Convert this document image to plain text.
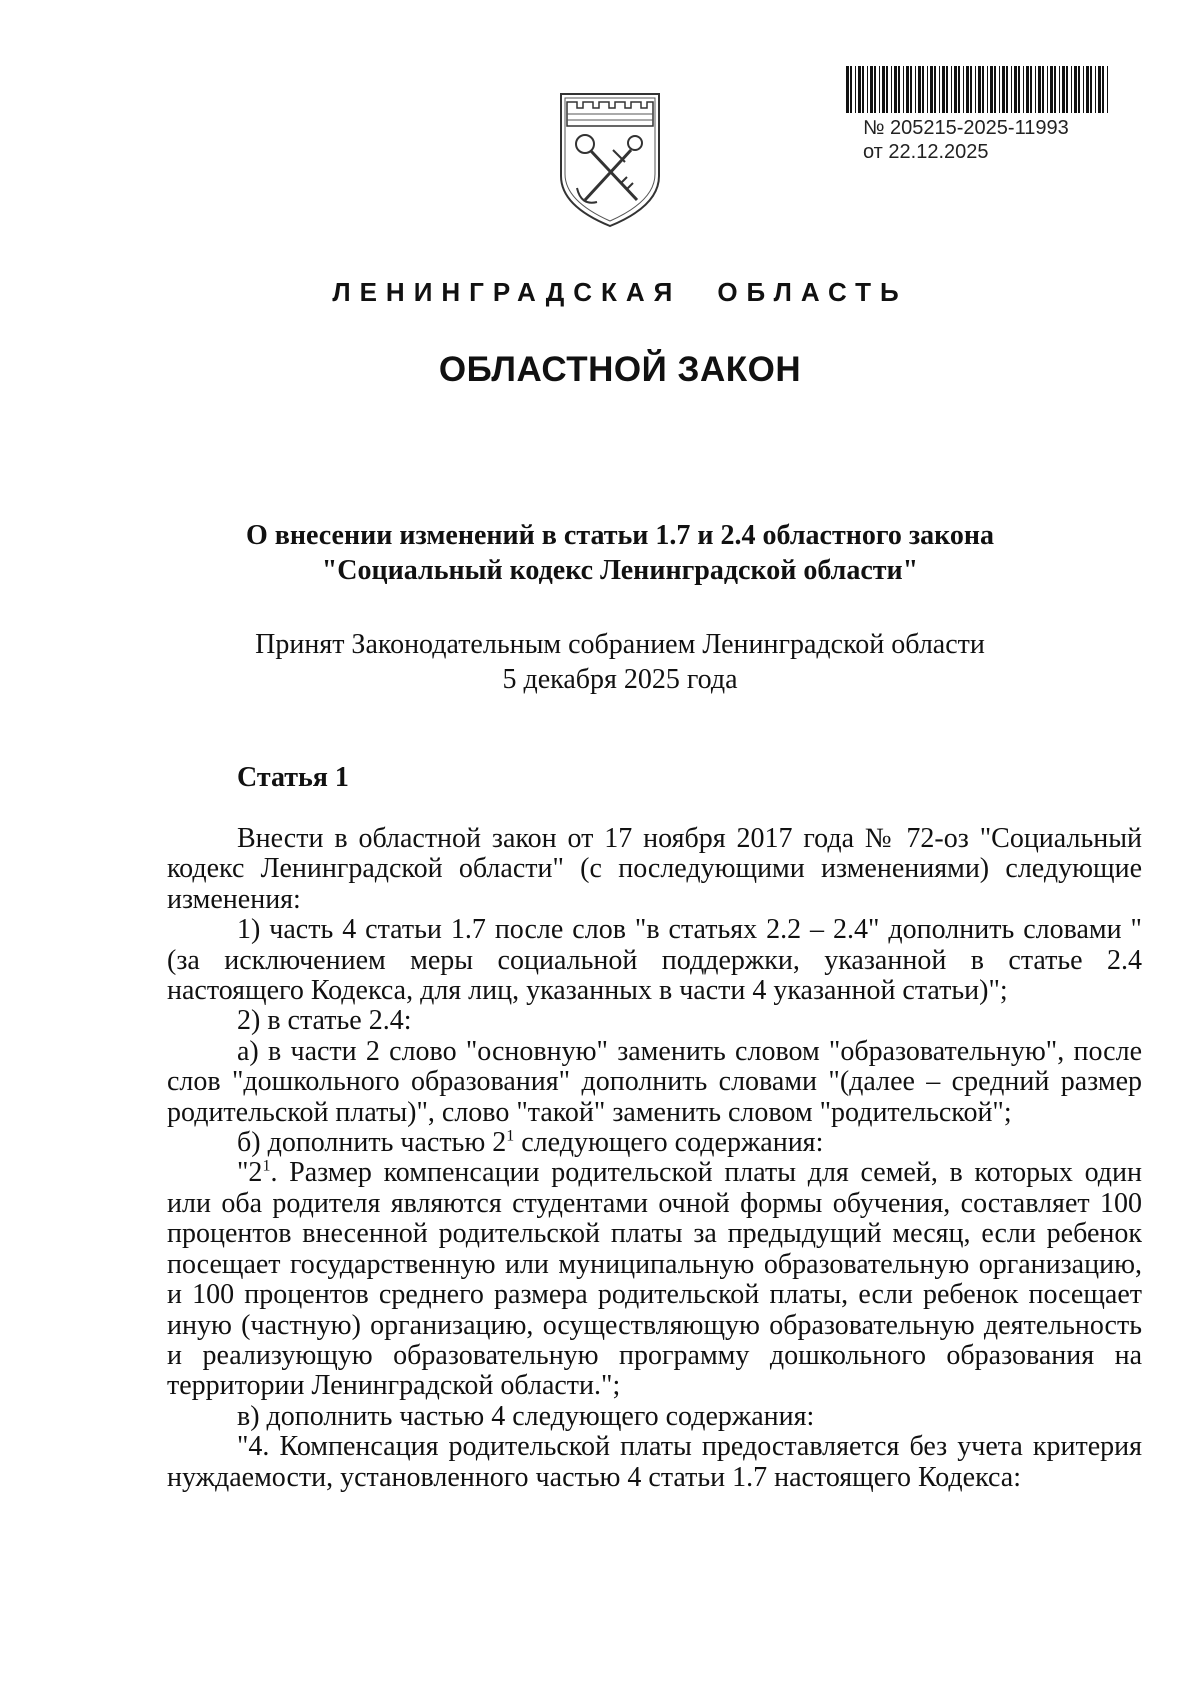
№ 205215-2025-11993
от 22.12.2025
ЛЕНИНГРАДСКАЯ ОБЛАСТЬ
ОБЛАСТНОЙ ЗАКОН
О внесении изменений в статьи 1.7 и 2.4 областного закона
"Социальный кодекс Ленинградской области"
Принят Законодательным собранием Ленинградской области
5 декабря 2025 года
Статья 1

Внести в областной закон от 17 ноября 2017 года № 72-оз "Социальный кодекс Ленинградской области" (с последующими изменениями) следующие изменения:

1) часть 4 статьи 1.7 после слов "в статьях 2.2 – 2.4" дополнить словами "(за исключением меры социальной поддержки, указанной в статье 2.4 настоящего Кодекса, для лиц, указанных в части 4 указанной статьи)";

2) в статье 2.4:

а) в части 2 слово "основную" заменить словом "образовательную", после слов "дошкольного образования" дополнить словами "(далее – средний размер родительской платы)", слово "такой" заменить словом "родительской";

б) дополнить частью $2^1$ следующего содержания:

"$2^1$. Размер компенсации родительской платы для семей, в которых один или оба родителя являются студентами очной формы обучения, составляет 100 процентов внесенной родительской платы за предыдущий месяц, если ребенок посещает государственную или муниципальную образовательную организацию, и 100 процентов среднего размера родительской платы, если ребенок посещает иную (частную) организацию, осуществляющую образовательную деятельность и реализующую образовательную программу дошкольного образования на территории Ленинградской области.";

в) дополнить частью 4 следующего содержания:

"4. Компенсация родительской платы предоставляется без учета критерия нуждаемости, установленного частью 4 статьи 1.7 настоящего Кодекса:
